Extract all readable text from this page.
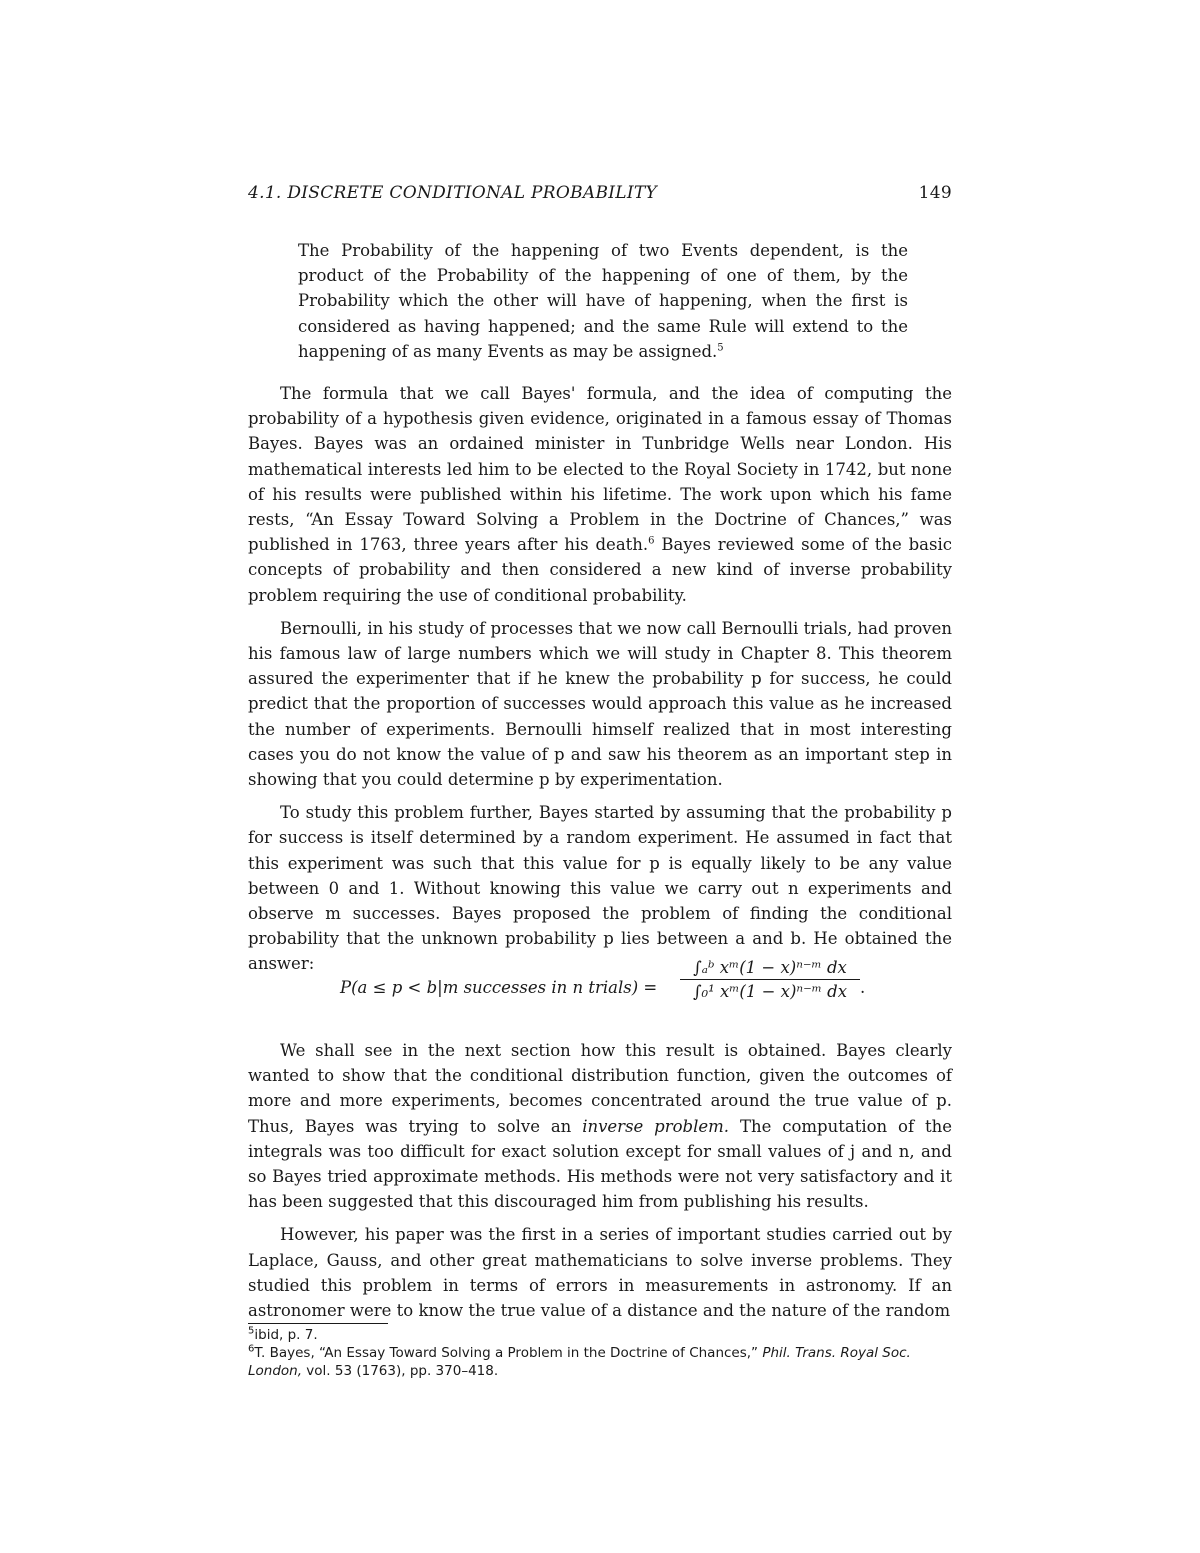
4.1. DISCRETE CONDITIONAL PROBABILITY	149
The Probability of the happening of two Events dependent, is the product of the Probability of the happening of one of them, by the Probability which the other will have of happening, when the first is considered as having happened; and the same Rule will extend to the happening of as many Events as may be assigned.$^5$

The formula that we call Bayes' formula, and the idea of computing the probability of a hypothesis given evidence, originated in a famous essay of Thomas Bayes. Bayes was an ordained minister in Tunbridge Wells near London. His mathematical interests led him to be elected to the Royal Society in 1742, but none of his results were published within his lifetime. The work upon which his fame rests, “An Essay Toward Solving a Problem in the Doctrine of Chances,” was published in 1763, three years after his death.$^6$ Bayes reviewed some of the basic concepts of probability and then considered a new kind of inverse probability problem requiring the use of conditional probability.

Bernoulli, in his study of processes that we now call Bernoulli trials, had proven his famous law of large numbers which we will study in Chapter 8. This theorem assured the experimenter that if he knew the probability p for success, he could predict that the proportion of successes would approach this value as he increased the number of experiments. Bernoulli himself realized that in most interesting cases you do not know the value of p and saw his theorem as an important step in showing that you could determine p by experimentation.

To study this problem further, Bayes started by assuming that the probability p for success is itself determined by a random experiment. He assumed in fact that this experiment was such that this value for p is equally likely to be any value between 0 and 1. Without knowing this value we carry out n experiments and observe m successes. Bayes proposed the problem of finding the conditional probability that the unknown probability p lies between a and b. He obtained the answer:

P(a ≤ p < b|m successes in n trials) = $\frac{\text{∫ₐᵇ xᵐ(1 − x)ⁿ⁻ᵐ dx}}{\text{∫₀¹ xᵐ(1 − x)ⁿ⁻ᵐ dx}}$ .

We shall see in the next section how this result is obtained. Bayes clearly wanted to show that the conditional distribution function, given the outcomes of more and more experiments, becomes concentrated around the true value of p. Thus, Bayes was trying to solve an inverse problem. The computation of the integrals was too difficult for exact solution except for small values of j and n, and so Bayes tried approximate methods. His methods were not very satisfactory and it has been suggested that this discouraged him from publishing his results.

However, his paper was the first in a series of important studies carried out by Laplace, Gauss, and other great mathematicians to solve inverse problems. They studied this problem in terms of errors in measurements in astronomy. If an astronomer were to know the true value of a distance and the nature of the random

$^5$ibid, p. 7.
$^6$T. Bayes, “An Essay Toward Solving a Problem in the Doctrine of Chances,” Phil. Trans. Royal Soc. London, vol. 53 (1763), pp. 370–418.
